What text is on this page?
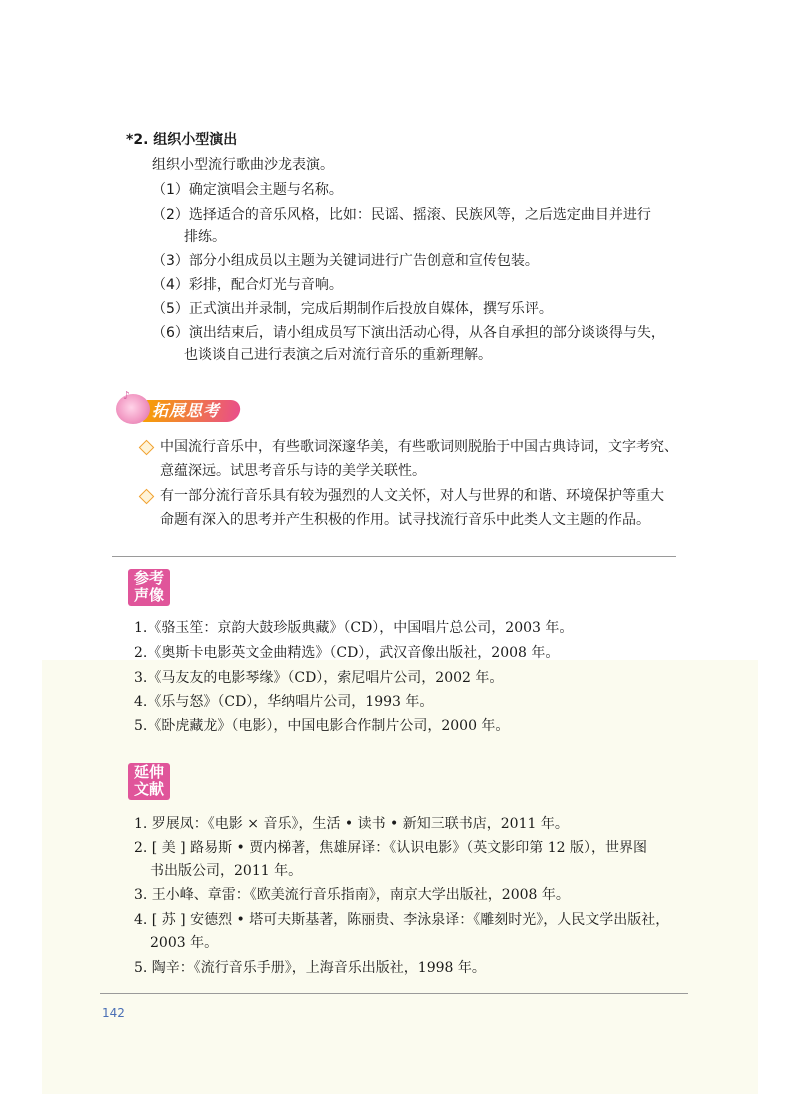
*2. 组织小型演出
组织小型流行歌曲沙龙表演。
（1）确定演唱会主题与名称。
（2）选择适合的音乐风格，比如：民谣、摇滚、民族风等，之后选定曲目并进行
排练。
（3）部分小组成员以主题为关键词进行广告创意和宣传包装。
（4）彩排，配合灯光与音响。
（5）正式演出并录制，完成后期制作后投放自媒体，撰写乐评。
（6）演出结束后，请小组成员写下演出活动心得，从各自承担的部分谈谈得与失，
也谈谈自己进行表演之后对流行音乐的重新理解。
♪
拓展思考
中国流行音乐中，有些歌词深邃华美，有些歌词则脱胎于中国古典诗词，文字考究、
意蕴深远。试思考音乐与诗的美学关联性。
有一部分流行音乐具有较为强烈的人文关怀，对人与世界的和谐、环境保护等重大
命题有深入的思考并产生积极的作用。试寻找流行音乐中此类人文主题的作品。
参考
声像
1.《骆玉笙：京韵大鼓珍版典藏》（CD），中国唱片总公司，2003 年。
2.《奥斯卡电影英文金曲精选》（CD），武汉音像出版社，2008 年。
3.《马友友的电影琴缘》（CD），索尼唱片公司，2002 年。
4.《乐与怒》（CD），华纳唱片公司，1993 年。
5.《卧虎藏龙》（电影），中国电影合作制片公司，2000 年。
延伸
文献
1. 罗展凤：《电影 × 音乐》，生活 • 读书 • 新知三联书店，2011 年。
2. [ 美 ] 路易斯 • 贾内梯著，焦雄屏译：《认识电影》（英文影印第 12 版），世界图
书出版公司，2011 年。
3. 王小峰、章雷：《欧美流行音乐指南》，南京大学出版社，2008 年。
4. [ 苏 ] 安德烈 • 塔可夫斯基著，陈丽贵、李泳泉译：《雕刻时光》，人民文学出版社，
2003 年。
5. 陶辛：《流行音乐手册》，上海音乐出版社，1998 年。
142
